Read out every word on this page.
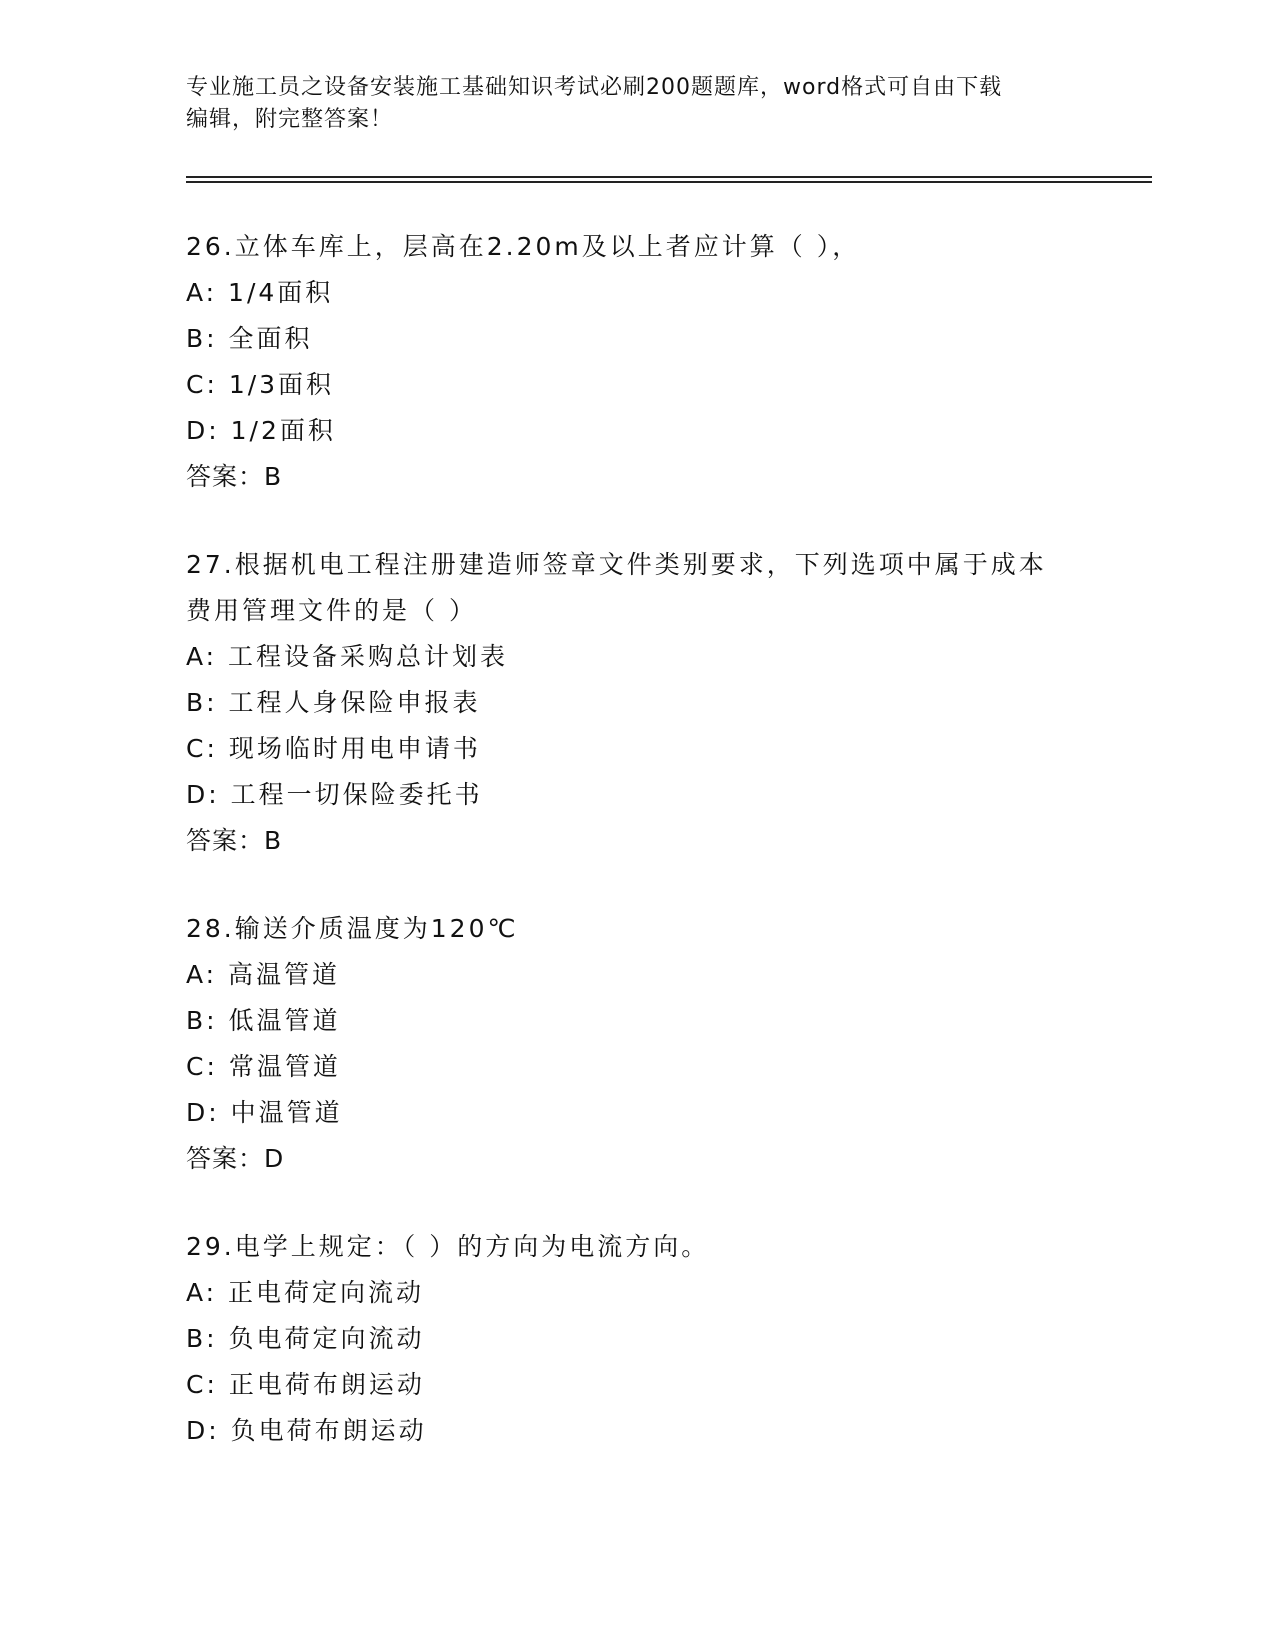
专业施工员之设备安装施工基础知识考试必刷200题题库，word格式可自由下载
编辑，附完整答案！
26.立体车库上，层高在2.20m及以上者应计算（ ），
A: 1/4面积
B: 全面积
C: 1/3面积
D: 1/2面积
答案：B
27.根据机电工程注册建造师签章文件类别要求，下列选项中属于成本
费用管理文件的是（ ）
A: 工程设备采购总计划表
B: 工程人身保险申报表
C: 现场临时用电申请书
D: 工程一切保险委托书
答案：B
28.输送介质温度为120℃
A: 高温管道
B: 低温管道
C: 常温管道
D: 中温管道
答案：D
29.电学上规定：（ ）的方向为电流方向。
A: 正电荷定向流动
B: 负电荷定向流动
C: 正电荷布朗运动
D: 负电荷布朗运动
